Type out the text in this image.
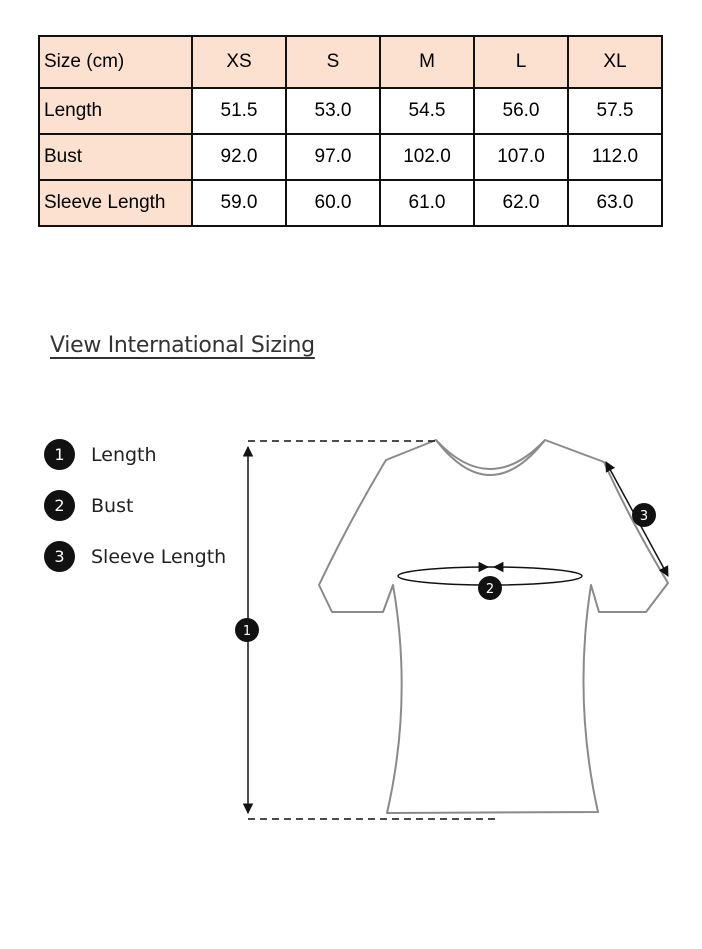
Size (cm)	XS	S	M	L	XL
Length	51.5	53.0	54.5	56.0	57.5
Bust	92.0	97.0	102.0	107.0	112.0
Sleeve Length	59.0	60.0	61.0	62.0	63.0
View International Sizing
1	Length
2	Bust
3	Sleeve Length
1
2
3
